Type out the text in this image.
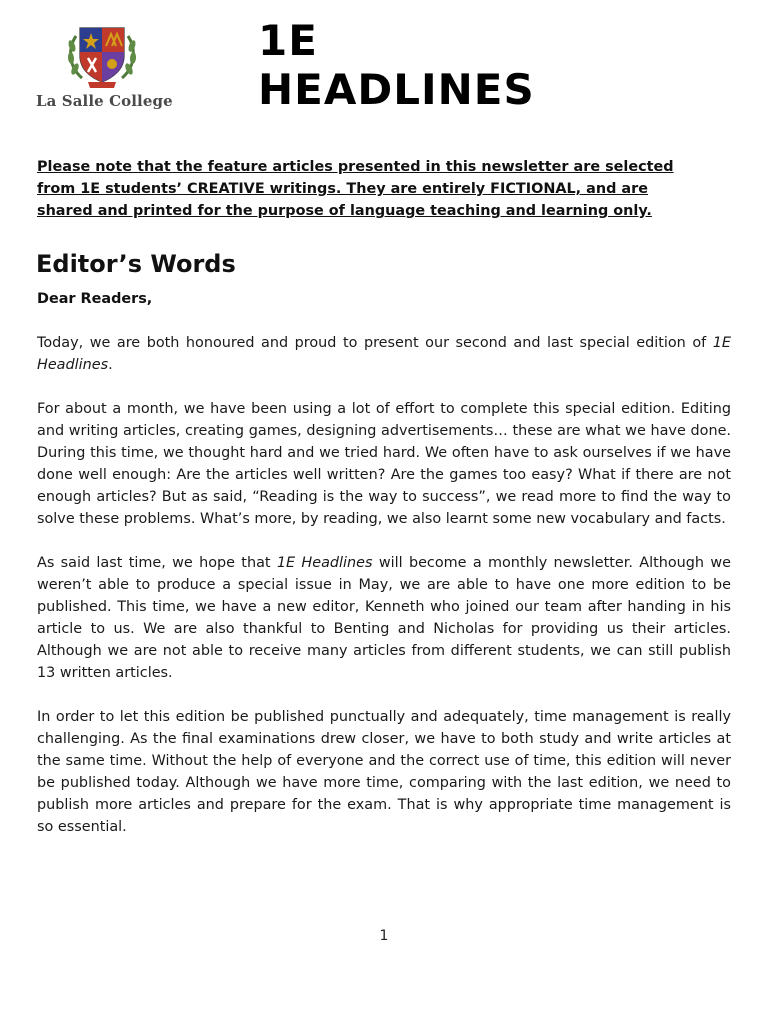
La Salle College
1E
HEADLINES
Please note that the feature articles presented in this newsletter are selected
from 1E students’ CREATIVE writings. They are entirely FICTIONAL, and are
shared and printed for the purpose of language teaching and learning only.
Editor’s Words
Dear Readers,

Today, we are both honoured and proud to present our second and last special edition of 1E Headlines.

For about a month, we have been using a lot of effort to complete this special edition. Editing and writing articles, creating games, designing advertisements… these are what we have done. During this time, we thought hard and we tried hard. We often have to ask ourselves if we have done well enough: Are the articles well written? Are the games too easy? What if there are not enough articles? But as said, “Reading is the way to success”, we read more to find the way to solve these problems. What’s more, by reading, we also learnt some new vocabulary and facts.

As said last time, we hope that 1E Headlines will become a monthly newsletter. Although we weren’t able to produce a special issue in May, we are able to have one more edition to be published. This time, we have a new editor, Kenneth who joined our team after handing in his article to us. We are also thankful to Benting and Nicholas for providing us their articles. Although we are not able to receive many articles from different students, we can still publish 13 written articles.

In order to let this edition be published punctually and adequately, time management is really challenging. As the final examinations drew closer, we have to both study and write articles at the same time. Without the help of everyone and the correct use of time, this edition will never be published today. Although we have more time, comparing with the last edition, we need to publish more articles and prepare for the exam. That is why appropriate time management is so essential.

1
